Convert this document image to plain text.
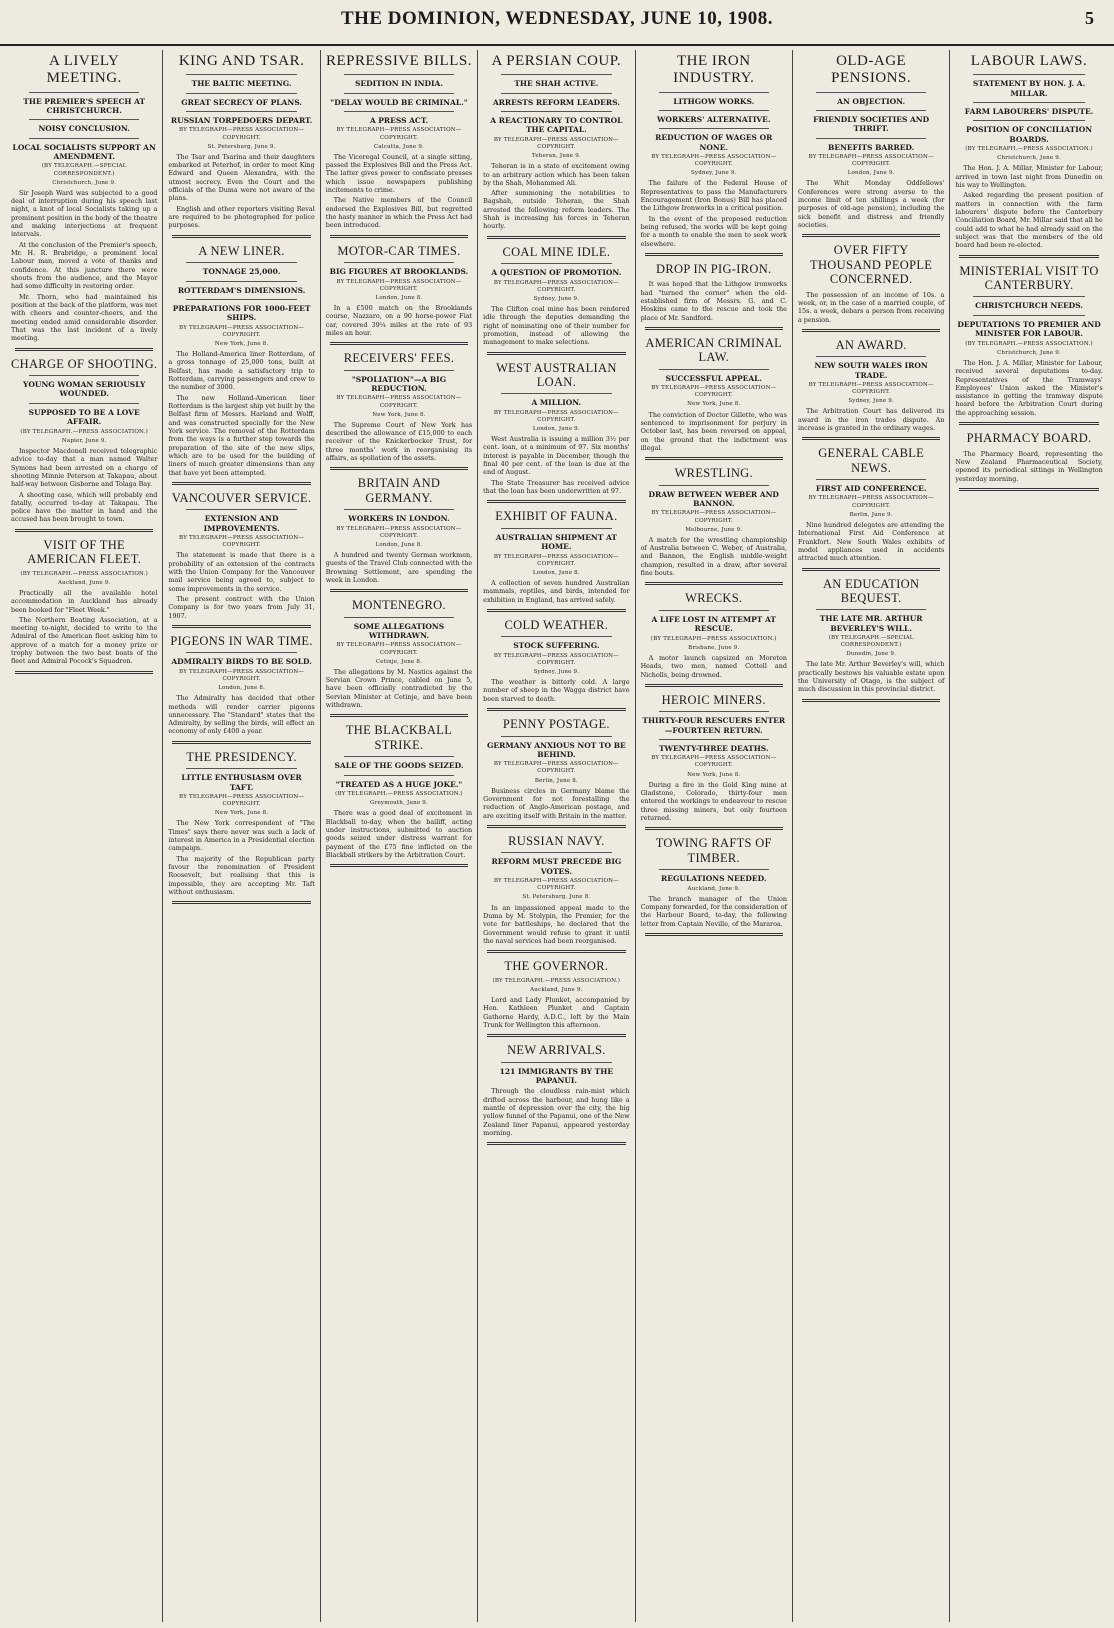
THE DOMINION, WEDNESDAY, JUNE 10, 1908.	5
A LIVELY MEETING.
THE PREMIER'S SPEECH AT CHRISTCHURCH.
NOISY CONCLUSION.
LOCAL SOCIALISTS SUPPORT AN AMENDMENT.
(BY TELEGRAPH.—SPECIAL CORRESPONDENT.)
Christchurch, June 9.

Sir Joseph Ward was subjected to a good deal of interruption during his speech last night, a knot of local Socialists taking up a prominent position in the body of the theatre and making interjections at frequent intervals.

At the conclusion of the Premier's speech, Mr. H. R. Brabridge, a prominent local Labour man, moved a vote of thanks and confidence. At this juncture there were shouts from the audience, and the Mayor had some difficulty in restoring order.

Mr. Thorn, who had maintained his position at the back of the platform, was met with cheers and counter-cheers, and the meeting ended amid considerable disorder. That was the last incident of a lively meeting.

CHARGE OF SHOOTING.
YOUNG WOMAN SERIOUSLY WOUNDED.
SUPPOSED TO BE A LOVE AFFAIR.
(BY TELEGRAPH.—PRESS ASSOCIATION.)
Napier, June 9.

Inspector Macdonell received telegraphic advice to-day that a man named Walter Symons had been arrested on a charge of shooting Minnie Peterson at Takapau, about half-way between Gisborne and Tolaga Bay.

A shooting case, which will probably end fatally, occurred to-day at Takapau. The police have the matter in hand and the accused has been brought to town.

VISIT OF THE AMERICAN FLEET.
(BY TELEGRAPH.—PRESS ASSOCIATION.)
Auckland, June 9.

Practically all the available hotel accommodation in Auckland has already been booked for "Fleet Week."

The Northern Boating Association, at a meeting to-night, decided to write to the Admiral of the American fleet asking him to approve of a match for a money prize or trophy between the two best boats of the fleet and Admiral Pocock's Squadron.

KING AND TSAR.
THE BALTIC MEETING.
GREAT SECRECY OF PLANS.
RUSSIAN TORPEDOERS DEPART.
BY TELEGRAPH—PRESS ASSOCIATION—COPYRIGHT.
St. Petersburg, June 9.

The Tsar and Tsarina and their daughters embarked at Peterhof, in order to meet King Edward and Queen Alexandra, with the utmost secrecy. Even the Court and the officials of the Duma were not aware of the plans.

English and other reporters visiting Reval are required to be photographed for police purposes.

A NEW LINER.
TONNAGE 25,000.
ROTTERDAM'S DIMENSIONS.
PREPARATIONS FOR 1000-FEET SHIPS.
BY TELEGRAPH—PRESS ASSOCIATION—COPYRIGHT.
New York, June 8.

The Holland-America liner Rotterdam, of a gross tonnage of 25,000 tons, built at Belfast, has made a satisfactory trip to Rotterdam, carrying passengers and crew to the number of 3000.

The new Holland-American liner Rotterdam is the largest ship yet built by the Belfast firm of Messrs. Harland and Wolff, and was constructed specially for the New York service. The removal of the Rotterdam from the ways is a further step towards the preparation of the site of the new slips, which are to be used for the building of liners of much greater dimensions than any that have yet been attempted.

VANCOUVER SERVICE.
EXTENSION AND IMPROVEMENTS.
BY TELEGRAPH—PRESS ASSOCIATION—COPYRIGHT.

The statement is made that there is a probability of an extension of the contracts with the Union Company for the Vancouver mail service being agreed to, subject to some improvements in the service.

The present contract with the Union Company is for two years from July 31, 1907.

PIGEONS IN WAR TIME.
ADMIRALTY BIRDS TO BE SOLD.
BY TELEGRAPH—PRESS ASSOCIATION—COPYRIGHT.
London, June 8.

The Admiralty has decided that other methods will render carrier pigeons unnecessary. The "Standard" states that the Admiralty, by selling the birds, will effect an economy of only £400 a year.

THE PRESIDENCY.
LITTLE ENTHUSIASM OVER TAFT.
BY TELEGRAPH—PRESS ASSOCIATION—COPYRIGHT.
New York, June 8.

The New York correspondent of "The Times" says there never was such a lack of interest in America in a Presidential election campaign.

The majority of the Republican party favour the renomination of President Roosevelt, but realising that this is impossible, they are accepting Mr. Taft without enthusiasm.

REPRESSIVE BILLS.
SEDITION IN INDIA.
"DELAY WOULD BE CRIMINAL."
A PRESS ACT.
BY TELEGRAPH—PRESS ASSOCIATION—COPYRIGHT.
Calcutta, June 9.

The Viceregal Council, at a single sitting, passed the Explosives Bill and the Press Act. The latter gives power to confiscate presses which issue newspapers publishing incitements to crime.

The Native members of the Council endorsed the Explosives Bill, but regretted the hasty manner in which the Press Act had been introduced.

MOTOR-CAR TIMES.
BIG FIGURES AT BROOKLANDS.
BY TELEGRAPH—PRESS ASSOCIATION—COPYRIGHT.
London, June 8.

In a £500 match on the Brooklands course, Nazzaro, on a 90 horse-power Fiat car, covered 39¼ miles at the rate of 93 miles an hour.

RECEIVERS' FEES.
"SPOLIATION"—A BIG REDUCTION.
BY TELEGRAPH—PRESS ASSOCIATION—COPYRIGHT.
New York, June 8.

The Supreme Court of New York has described the allowance of £15,000 to each receiver of the Knickerbocker Trust, for three months' work in reorganising its affairs, as spoliation of the assets.

BRITAIN AND GERMANY.
WORKERS IN LONDON.
BY TELEGRAPH—PRESS ASSOCIATION—COPYRIGHT.
London, June 8.

A hundred and twenty German workmen, guests of the Travel Club connected with the Browning Settlement, are spending the week in London.

MONTENEGRO.
SOME ALLEGATIONS WITHDRAWN.
BY TELEGRAPH—PRESS ASSOCIATION—COPYRIGHT.
Cetinje, June 8.

The allegations by M. Nastics against the Servian Crown Prince, cabled on June 5, have been officially contradicted by the Servian Minister at Cetinje, and have been withdrawn.

THE BLACKBALL STRIKE.
SALE OF THE GOODS SEIZED.
"TREATED AS A HUGE JOKE."
(BY TELEGRAPH.—PRESS ASSOCIATION.)
Greymouth, June 9.

There was a good deal of excitement in Blackball to-day, when the bailiff, acting under instructions, submitted to auction goods seized under distress warrant for payment of the £75 fine inflicted on the Blackball strikers by the Arbitration Court.

A PERSIAN COUP.
THE SHAH ACTIVE.
ARRESTS REFORM LEADERS.
A REACTIONARY TO CONTROL THE CAPITAL.
BY TELEGRAPH—PRESS ASSOCIATION—COPYRIGHT.
Teheran, June 9.

Teheran is in a state of excitement owing to an arbitrary action which has been taken by the Shah, Mohammed Ali.

After summoning the notabilities to Bagshah, outside Teheran, the Shah arrested the following reform leaders. The Shah is increasing his forces in Teheran hourly.

COAL MINE IDLE.
A QUESTION OF PROMOTION.
BY TELEGRAPH—PRESS ASSOCIATION—COPYRIGHT.
Sydney, June 9.

The Clifton coal mine has been rendered idle through the deputies demanding the right of nominating one of their number for promotion, instead of allowing the management to make selections.

WEST AUSTRALIAN LOAN.
A MILLION.
BY TELEGRAPH—PRESS ASSOCIATION—COPYRIGHT.
London, June 9.

West Australia is issuing a million 3½ per cent. loan, at a minimum of 97. Six months' interest is payable in December, though the final 40 per cent. of the loan is due at the end of August.

The State Treasurer has received advice that the loan has been underwritten at 97.

EXHIBIT OF FAUNA.
AUSTRALIAN SHIPMENT AT HOME.
BY TELEGRAPH—PRESS ASSOCIATION—COPYRIGHT.
London, June 8.

A collection of seven hundred Australian mammals, reptiles, and birds, intended for exhibition in England, has arrived safely.

COLD WEATHER.
STOCK SUFFERING.
BY TELEGRAPH—PRESS ASSOCIATION—COPYRIGHT.
Sydney, June 9.

The weather is bitterly cold. A large number of sheep in the Wagga district have been starved to death.

PENNY POSTAGE.
GERMANY ANXIOUS NOT TO BE BEHIND.
BY TELEGRAPH—PRESS ASSOCIATION—COPYRIGHT.
Berlin, June 8.

Business circles in Germany blame the Government for not forestalling the reduction of Anglo-American postage, and are exciting itself with Britain in the matter.

RUSSIAN NAVY.
REFORM MUST PRECEDE BIG VOTES.
BY TELEGRAPH—PRESS ASSOCIATION—COPYRIGHT.
St. Petersburg, June 8.

In an impassioned appeal made to the Duma by M. Stolypin, the Premier, for the vote for battleships, he declared that the Government would refuse to grant it until the naval services had been reorganised.

THE GOVERNOR.
(BY TELEGRAPH.—PRESS ASSOCIATION.)
Auckland, June 9.

Lord and Lady Plunket, accompanied by Hon. Kathleen Plunket and Captain Gathorne Hardy, A.D.C., left by the Main Trunk for Wellington this afternoon.

NEW ARRIVALS.
121 IMMIGRANTS BY THE PAPANUI.

Through the cloudless rain-mist which drifted across the harbour, and hung like a mantle of depression over the city, the big yellow funnel of the Papanui, one of the New Zealand liner Papanui, appeared yesterday morning.

THE IRON INDUSTRY.
LITHGOW WORKS.
WORKERS' ALTERNATIVE.
REDUCTION OF WAGES OR NONE.
BY TELEGRAPH—PRESS ASSOCIATION—COPYRIGHT.
Sydney, June 9.

The failure of the Federal House of Representatives to pass the Manufacturers Encouragement (Iron Bonus) Bill has placed the Lithgow Ironworks in a critical position.

In the event of the proposed reduction being refused, the works will be kept going for a month to enable the men to seek work elsewhere.

DROP IN PIG-IRON.

It was hoped that the Lithgow ironworks had "turned the corner" when the old-established firm of Messrs. G. and C. Hoskins came to the rescue and took the place of Mr. Sandford.

AMERICAN CRIMINAL LAW.
SUCCESSFUL APPEAL.
BY TELEGRAPH—PRESS ASSOCIATION—COPYRIGHT.
New York, June 8.

The conviction of Doctor Gillette, who was sentenced to imprisonment for perjury in October last, has been reversed on appeal, on the ground that the indictment was illegal.

WRESTLING.
DRAW BETWEEN WEBER AND BANNON.
BY TELEGRAPH—PRESS ASSOCIATION—COPYRIGHT.
Melbourne, June 9.

A match for the wrestling championship of Australia between C. Weber, of Australia, and Bannon, the English middle-weight champion, resulted in a draw, after several fine bouts.

WRECKS.
A LIFE LOST IN ATTEMPT AT RESCUE.
(BY TELEGRAPH—PRESS ASSOCIATION.)
Brisbane, June 9.

A motor launch capsized on Moreton Heads, two men, named Cottell and Nicholls, being drowned.

HEROIC MINERS.
THIRTY-FOUR RESCUERS ENTER—FOURTEEN RETURN.
TWENTY-THREE DEATHS.
BY TELEGRAPH—PRESS ASSOCIATION—COPYRIGHT.
New York, June 8.

During a fire in the Gold King mine at Gladstone, Colorado, thirty-four men entered the workings to endeavour to rescue three missing miners, but only fourteen returned.

TOWING RAFTS OF TIMBER.
REGULATIONS NEEDED.
Auckland, June 9.

The branch manager of the Union Company forwarded, for the consideration of the Harbour Board, to-day, the following letter from Captain Neville, of the Mararoa.

OLD-AGE PENSIONS.
AN OBJECTION.
FRIENDLY SOCIETIES AND THRIFT.
BENEFITS BARRED.
BY TELEGRAPH—PRESS ASSOCIATION—COPYRIGHT.
London, June 9.

The Whit Monday Oddfellows' Conferences were strong averse to the income limit of ten shillings a week (for purposes of old-age pension), including the sick benefit and distress and friendly societies.

OVER FIFTY THOUSAND PEOPLE CONCERNED.

The possession of an income of 10s. a week, or, in the case of a married couple, of 15s. a week, debars a person from receiving a pension.

AN AWARD.
NEW SOUTH WALES IRON TRADE.
BY TELEGRAPH—PRESS ASSOCIATION—COPYRIGHT.
Sydney, June 9.

The Arbitration Court has delivered its award in the iron trades dispute. An increase is granted in the ordinary wages.

GENERAL CABLE NEWS.
FIRST AID CONFERENCE.
BY TELEGRAPH—PRESS ASSOCIATION—COPYRIGHT.
Berlin, June 9.

Nine hundred delegates are attending the International First Aid Conference at Frankfort. New South Wales exhibits of model appliances used in accidents attracted much attention.

AN EDUCATION BEQUEST.
THE LATE MR. ARTHUR BEVERLEY'S WILL.
(BY TELEGRAPH.—SPECIAL CORRESPONDENT.)
Dunedin, June 9.

The late Mr. Arthur Beverley's will, which practically bestows his valuable estate upon the University of Otago, is the subject of much discussion in this provincial district.

LABOUR LAWS.
STATEMENT BY HON. J. A. MILLAR.
FARM LABOURERS' DISPUTE.
POSITION OF CONCILIATION BOARDS.
(BY TELEGRAPH.—PRESS ASSOCIATION.)
Christchurch, June 9.

The Hon. J. A. Millar, Minister for Labour, arrived in town last night from Dunedin on his way to Wellington.

Asked regarding the present position of matters in connection with the farm labourers' dispute before the Canterbury Conciliation Board, Mr. Millar said that all he could add to what he had already said on the subject was that the members of the old board had been re-elected.

MINISTERIAL VISIT TO CANTERBURY.
CHRISTCHURCH NEEDS.
DEPUTATIONS TO PREMIER AND MINISTER FOR LABOUR.
(BY TELEGRAPH.—PRESS ASSOCIATION.)
Christchurch, June 9.

The Hon. J. A. Millar, Minister for Labour, received several deputations to-day. Representatives of the Tramways' Employees' Union asked the Minister's assistance in getting the tramway dispute heard before the Arbitration Court during the approaching session.

PHARMACY BOARD.

The Pharmacy Board, representing the New Zealand Pharmaceutical Society, opened its periodical sittings in Wellington yesterday morning.
